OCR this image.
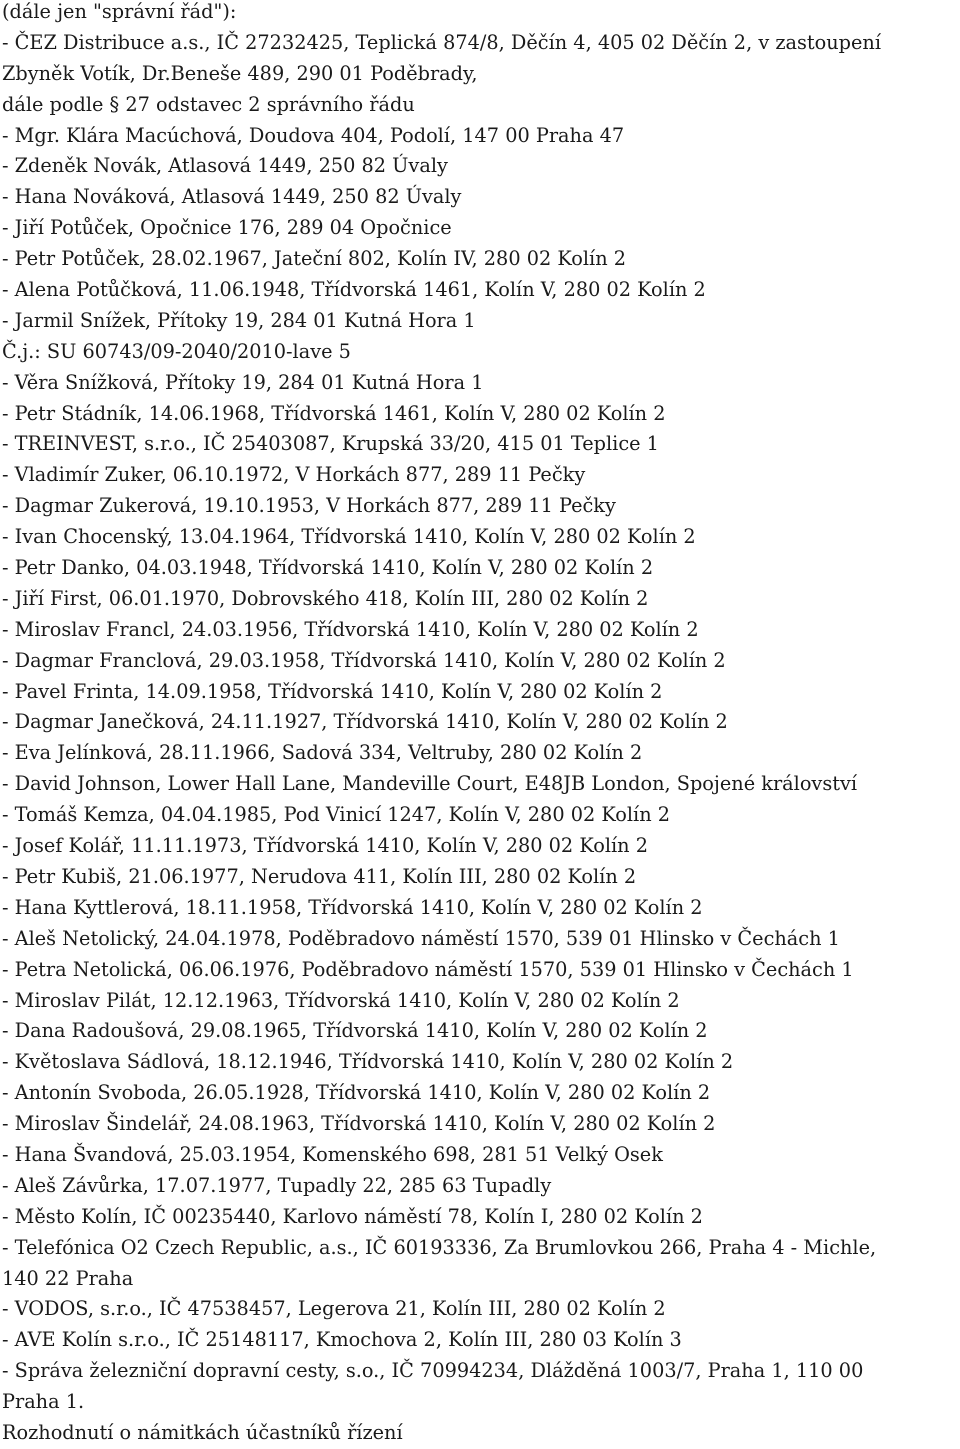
(dále jen "správní řád"):
- ČEZ Distribuce a.s., IČ 27232425, Teplická 874/8, Děčín 4, 405 02 Děčín 2, v zastoupení
Zbyněk Votík, Dr.Beneše 489, 290 01 Poděbrady,
dále podle § 27 odstavec 2 správního řádu
- Mgr. Klára Macúchová, Doudova 404, Podolí, 147 00 Praha 47
- Zdeněk Novák, Atlasová 1449, 250 82 Úvaly
- Hana Nováková, Atlasová 1449, 250 82 Úvaly
- Jiří Potůček, Opočnice 176, 289 04 Opočnice
- Petr Potůček, 28.02.1967, Jateční 802, Kolín IV, 280 02 Kolín 2
- Alena Potůčková, 11.06.1948, Třídvorská 1461, Kolín V, 280 02 Kolín 2
- Jarmil Snížek, Přítoky 19, 284 01 Kutná Hora 1
Č.j.: SU 60743/09-2040/2010-lave 5
- Věra Snížková, Přítoky 19, 284 01 Kutná Hora 1
- Petr Stádník, 14.06.1968, Třídvorská 1461, Kolín V, 280 02 Kolín 2
- TREINVEST, s.r.o., IČ 25403087, Krupská 33/20, 415 01 Teplice 1
- Vladimír Zuker, 06.10.1972, V Horkách 877, 289 11 Pečky
- Dagmar Zukerová, 19.10.1953, V Horkách 877, 289 11 Pečky
- Ivan Chocenský, 13.04.1964, Třídvorská 1410, Kolín V, 280 02 Kolín 2
- Petr Danko, 04.03.1948, Třídvorská 1410, Kolín V, 280 02 Kolín 2
- Jiří First, 06.01.1970, Dobrovského 418, Kolín III, 280 02 Kolín 2
- Miroslav Francl, 24.03.1956, Třídvorská 1410, Kolín V, 280 02 Kolín 2
- Dagmar Franclová, 29.03.1958, Třídvorská 1410, Kolín V, 280 02 Kolín 2
- Pavel Frinta, 14.09.1958, Třídvorská 1410, Kolín V, 280 02 Kolín 2
- Dagmar Janečková, 24.11.1927, Třídvorská 1410, Kolín V, 280 02 Kolín 2
- Eva Jelínková, 28.11.1966, Sadová 334, Veltruby, 280 02 Kolín 2
- David Johnson, Lower Hall Lane, Mandeville Court, E48JB London, Spojené království
- Tomáš Kemza, 04.04.1985, Pod Vinicí 1247, Kolín V, 280 02 Kolín 2
- Josef Kolář, 11.11.1973, Třídvorská 1410, Kolín V, 280 02 Kolín 2
- Petr Kubiš, 21.06.1977, Nerudova 411, Kolín III, 280 02 Kolín 2
- Hana Kyttlerová, 18.11.1958, Třídvorská 1410, Kolín V, 280 02 Kolín 2
- Aleš Netolický, 24.04.1978, Poděbradovo náměstí 1570, 539 01 Hlinsko v Čechách 1
- Petra Netolická, 06.06.1976, Poděbradovo náměstí 1570, 539 01 Hlinsko v Čechách 1
- Miroslav Pilát, 12.12.1963, Třídvorská 1410, Kolín V, 280 02 Kolín 2
- Dana Radoušová, 29.08.1965, Třídvorská 1410, Kolín V, 280 02 Kolín 2
- Květoslava Sádlová, 18.12.1946, Třídvorská 1410, Kolín V, 280 02 Kolín 2
- Antonín Svoboda, 26.05.1928, Třídvorská 1410, Kolín V, 280 02 Kolín 2
- Miroslav Šindelář, 24.08.1963, Třídvorská 1410, Kolín V, 280 02 Kolín 2
- Hana Švandová, 25.03.1954, Komenského 698, 281 51 Velký Osek
- Aleš Závůrka, 17.07.1977, Tupadly 22, 285 63 Tupadly
- Město Kolín, IČ 00235440, Karlovo náměstí 78, Kolín I, 280 02 Kolín 2
- Telefónica O2 Czech Republic, a.s., IČ 60193336, Za Brumlovkou 266, Praha 4 - Michle,
140 22 Praha
- VODOS, s.r.o., IČ 47538457, Legerova 21, Kolín III, 280 02 Kolín 2
- AVE Kolín s.r.o., IČ 25148117, Kmochova 2, Kolín III, 280 03 Kolín 3
- Správa železniční dopravní cesty, s.o., IČ 70994234, Dlážděná 1003/7, Praha 1, 110 00
Praha 1.
Rozhodnutí o námitkách účastníků řízení
